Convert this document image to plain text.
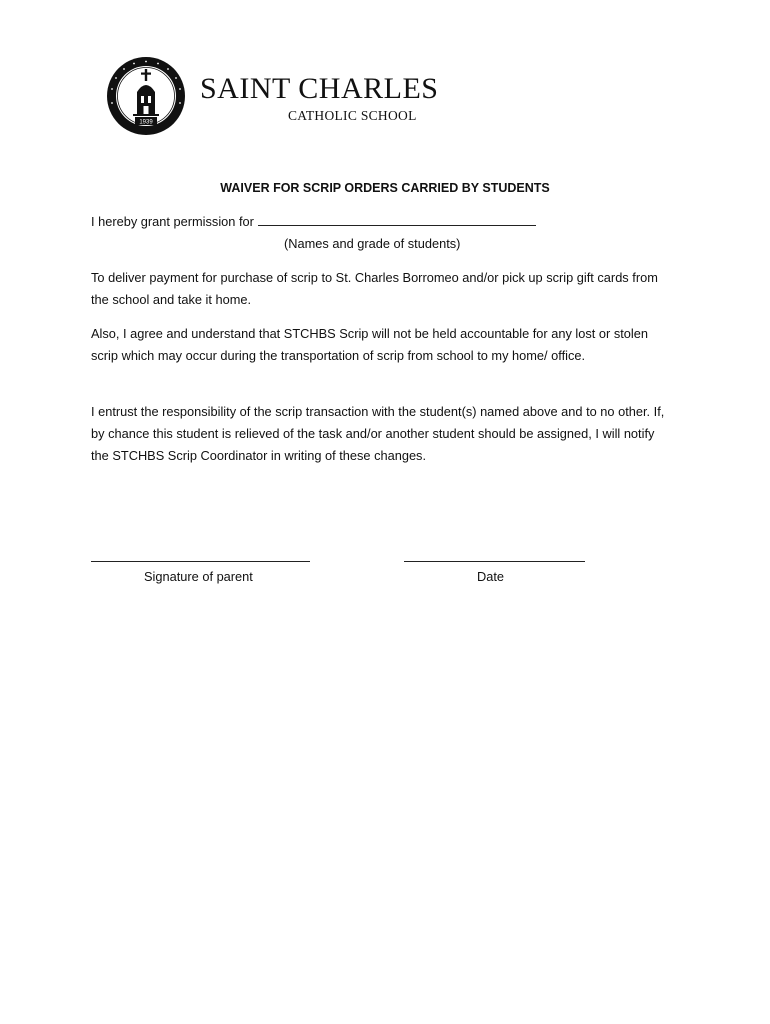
1939
SAINT CHARLES
CATHOLIC SCHOOL
WAIVER FOR SCRIP ORDERS CARRIED BY STUDENTS
I hereby grant permission for
(Names and grade of students)
To deliver payment for purchase of scrip to St. Charles Borromeo and/or pick up scrip gift cards from the school and take it home.
Also, I agree and understand that STCHBS Scrip will not be held accountable for any lost or stolen scrip which may occur during the transportation of scrip from school to my home/ office.
I entrust the responsibility of the scrip transaction with the student(s) named above and to no other. If, by chance this student is relieved of the task and/or another student should be assigned, I will notify the STCHBS Scrip Coordinator in writing of these changes.
Signature of parent	Date
